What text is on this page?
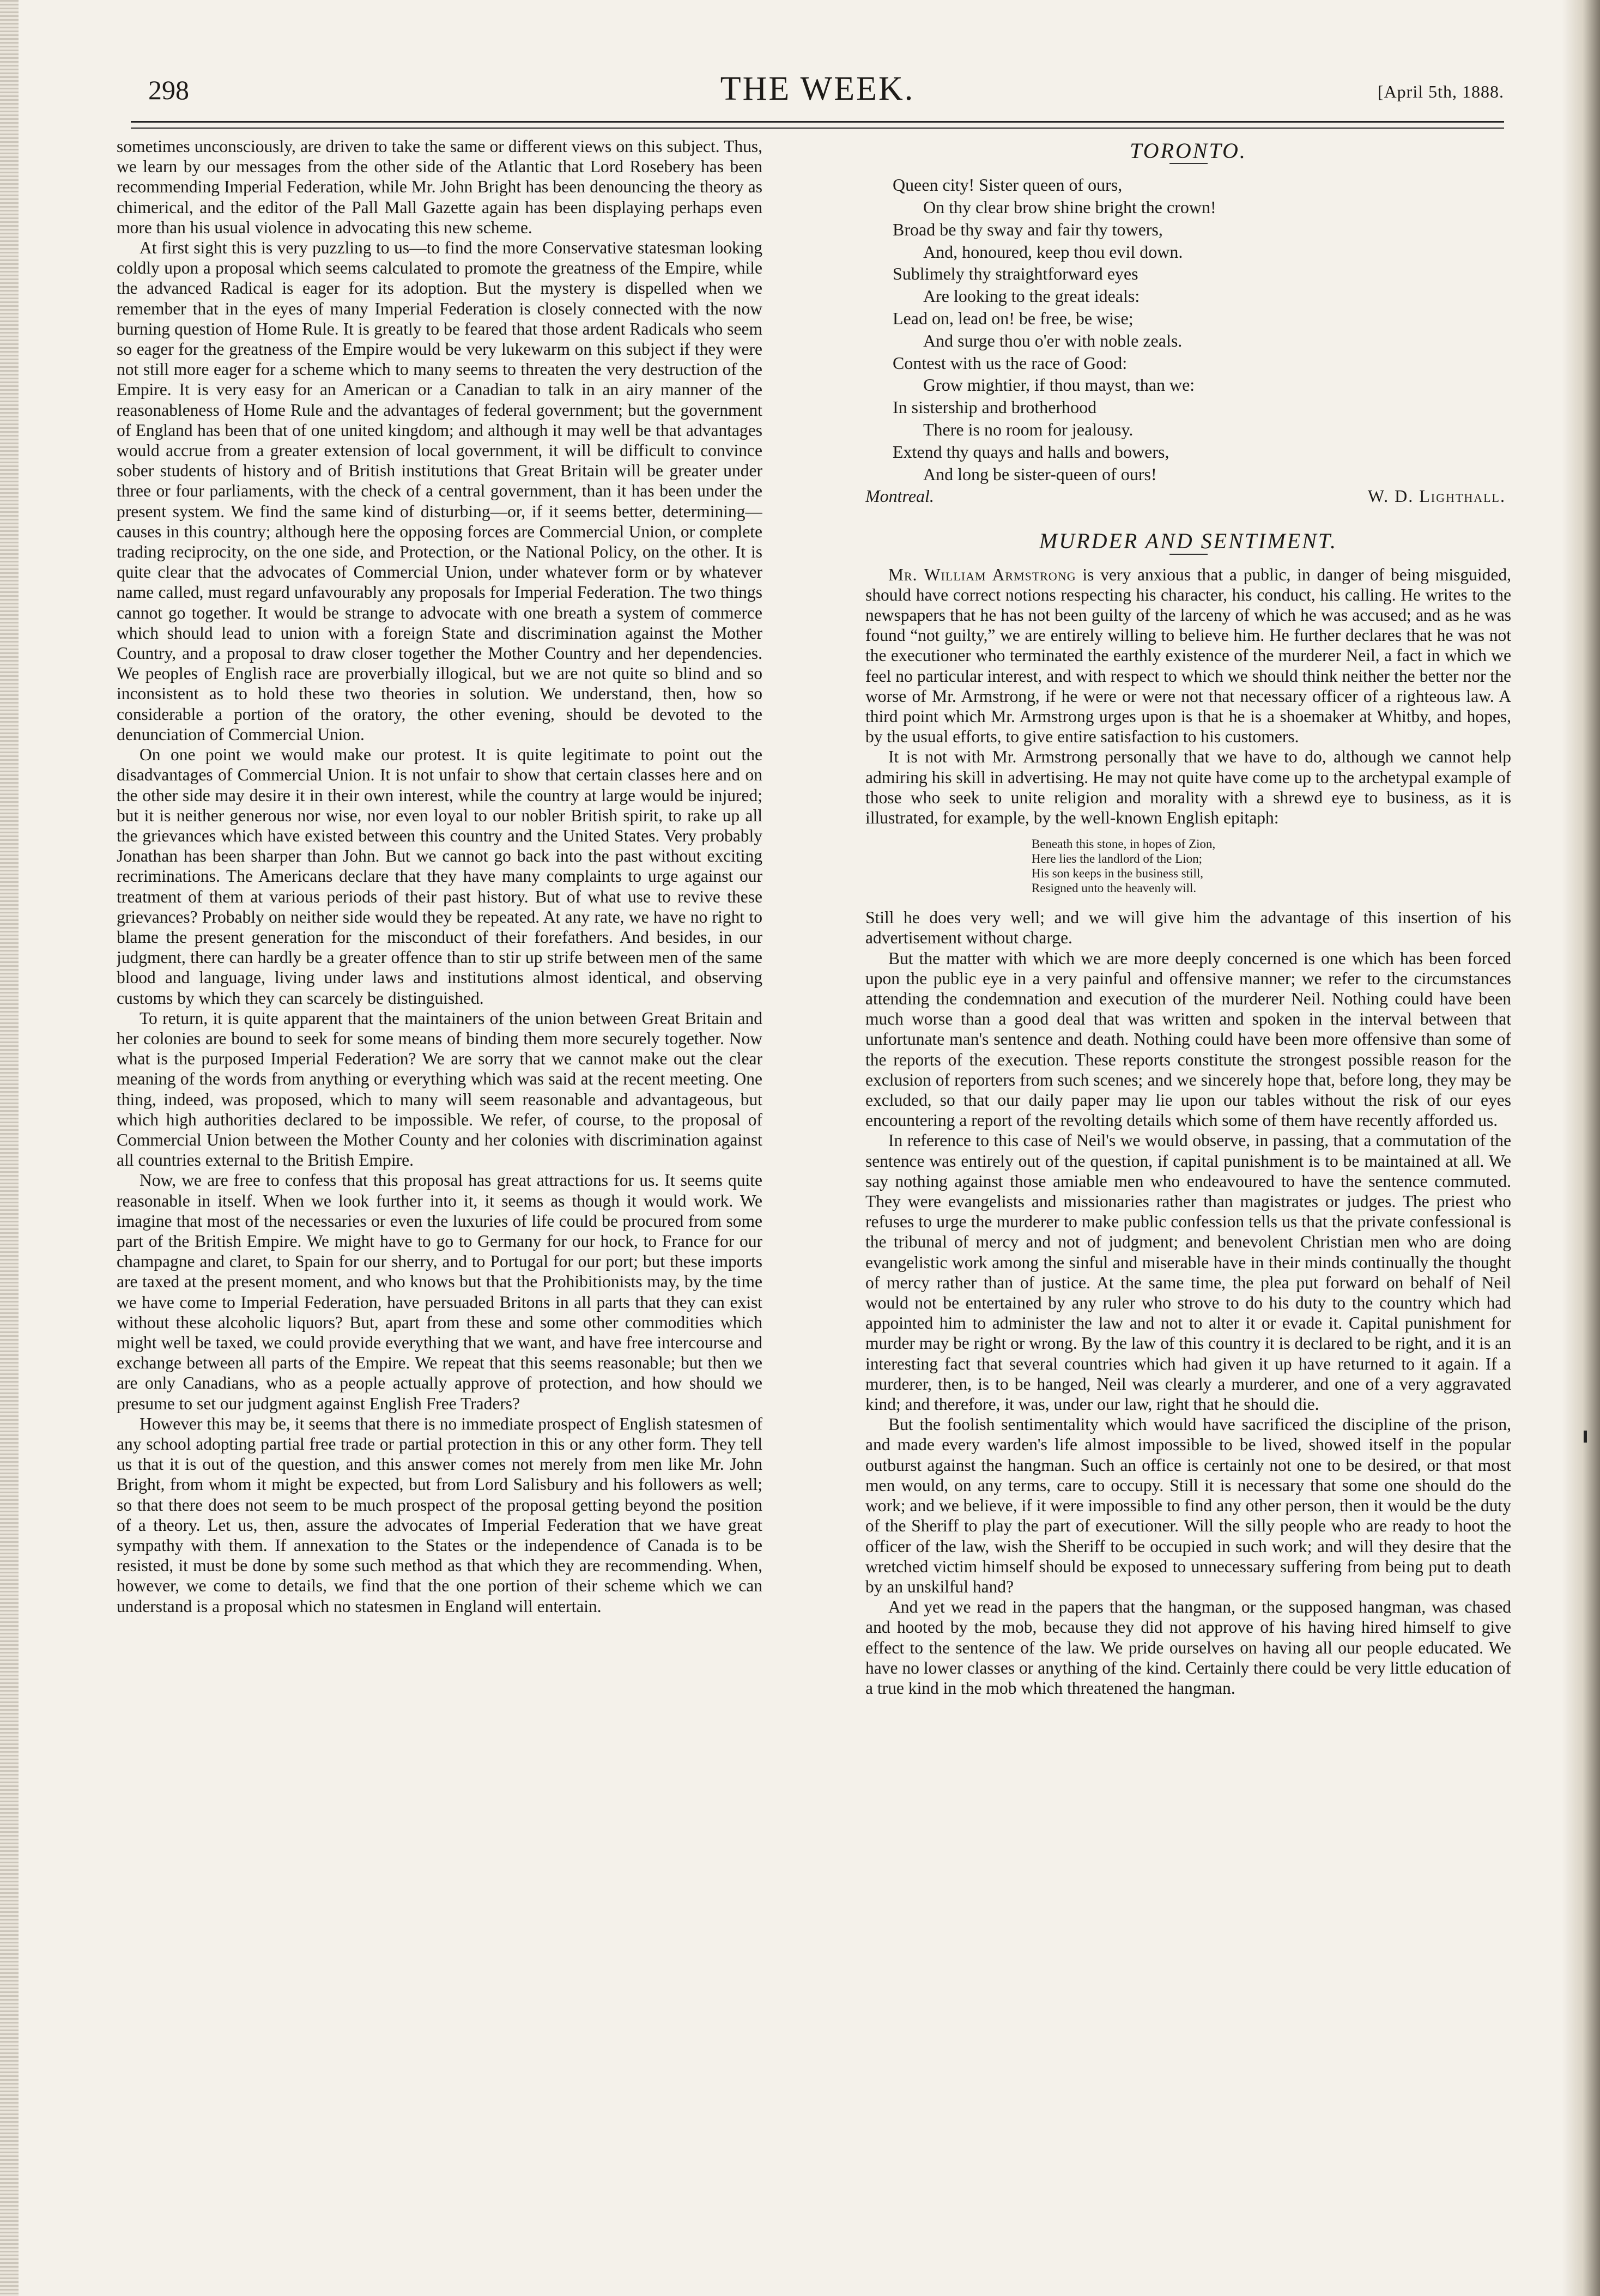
298	THE WEEK.	[April 5th, 1888.

sometimes unconsciously, are driven to take the same or different views on this subject. Thus, we learn by our messages from the other side of the Atlantic that Lord Rosebery has been recommending Imperial Federation, while Mr. John Bright has been denouncing the theory as chimerical, and the editor of the Pall Mall Gazette again has been displaying perhaps even more than his usual violence in advocating this new scheme.

At first sight this is very puzzling to us—to find the more Conservative statesman looking coldly upon a proposal which seems calculated to promote the greatness of the Empire, while the advanced Radical is eager for its adoption. But the mystery is dispelled when we remember that in the eyes of many Imperial Federation is closely connected with the now burning question of Home Rule. It is greatly to be feared that those ardent Radicals who seem so eager for the greatness of the Empire would be very lukewarm on this subject if they were not still more eager for a scheme which to many seems to threaten the very destruction of the Empire. It is very easy for an American or a Canadian to talk in an airy manner of the reasonableness of Home Rule and the advantages of federal government; but the government of England has been that of one united kingdom; and although it may well be that advantages would accrue from a greater extension of local government, it will be difficult to convince sober students of history and of British institutions that Great Britain will be greater under three or four parliaments, with the check of a central government, than it has been under the present system. We find the same kind of disturbing—or, if it seems better, determining—causes in this country; although here the opposing forces are Commercial Union, or complete trading reciprocity, on the one side, and Protection, or the National Policy, on the other. It is quite clear that the advocates of Commercial Union, under whatever form or by whatever name called, must regard unfavourably any proposals for Imperial Federation. The two things cannot go together. It would be strange to advocate with one breath a system of commerce which should lead to union with a foreign State and discrimination against the Mother Country, and a proposal to draw closer together the Mother Country and her dependencies. We peoples of English race are proverbially illogical, but we are not quite so blind and so inconsistent as to hold these two theories in solution. We understand, then, how so considerable a portion of the oratory, the other evening, should be devoted to the denunciation of Commercial Union.

On one point we would make our protest. It is quite legitimate to point out the disadvantages of Commercial Union. It is not unfair to show that certain classes here and on the other side may desire it in their own interest, while the country at large would be injured; but it is neither generous nor wise, nor even loyal to our nobler British spirit, to rake up all the grievances which have existed between this country and the United States. Very probably Jonathan has been sharper than John. But we cannot go back into the past without exciting recriminations. The Americans declare that they have many complaints to urge against our treatment of them at various periods of their past history. But of what use to revive these grievances? Probably on neither side would they be repeated. At any rate, we have no right to blame the present generation for the misconduct of their forefathers. And besides, in our judgment, there can hardly be a greater offence than to stir up strife between men of the same blood and language, living under laws and institutions almost identical, and observing customs by which they can scarcely be distinguished.

To return, it is quite apparent that the maintainers of the union between Great Britain and her colonies are bound to seek for some means of binding them more securely together. Now what is the purposed Imperial Federation? We are sorry that we cannot make out the clear meaning of the words from anything or everything which was said at the recent meeting. One thing, indeed, was proposed, which to many will seem reasonable and advantageous, but which high authorities declared to be impossible. We refer, of course, to the proposal of Commercial Union between the Mother County and her colonies with discrimination against all countries external to the British Empire.

Now, we are free to confess that this proposal has great attractions for us. It seems quite reasonable in itself. When we look further into it, it seems as though it would work. We imagine that most of the necessaries or even the luxuries of life could be procured from some part of the British Empire. We might have to go to Germany for our hock, to France for our champagne and claret, to Spain for our sherry, and to Portugal for our port; but these imports are taxed at the present moment, and who knows but that the Prohibitionists may, by the time we have come to Imperial Federation, have persuaded Britons in all parts that they can exist without these alcoholic liquors? But, apart from these and some other commodities which might well be taxed, we could provide everything that we want, and have free intercourse and exchange between all parts of the Empire. We repeat that this seems reasonable; but then we are only Canadians, who as a people actually approve of protection, and how should we presume to set our judgment against English Free Traders?

However this may be, it seems that there is no immediate prospect of English statesmen of any school adopting partial free trade or partial protection in this or any other form. They tell us that it is out of the question, and this answer comes not merely from men like Mr. John Bright, from whom it might be expected, but from Lord Salisbury and his followers as well; so that there does not seem to be much prospect of the proposal getting beyond the position of a theory. Let us, then, assure the advocates of Imperial Federation that we have great sympathy with them. If annexation to the States or the independence of Canada is to be resisted, it must be done by some such method as that which they are recommending. When, however, we come to details, we find that the one portion of their scheme which we can understand is a proposal which no statesmen in England will entertain.

TORONTO.
Queen city! Sister queen of ours,
On thy clear brow shine bright the crown!
Broad be thy sway and fair thy towers,
And, honoured, keep thou evil down.
Sublimely thy straightforward eyes
Are looking to the great ideals:
Lead on, lead on! be free, be wise;
And surge thou o'er with noble zeals.
Contest with us the race of Good:
Grow mightier, if thou mayst, than we:
In sistership and brotherhood
There is no room for jealousy.
Extend thy quays and halls and bowers,
And long be sister-queen of ours!
Montreal.	W. D. Lighthall.
MURDER AND SENTIMENT.

Mr. William Armstrong is very anxious that a public, in danger of being misguided, should have correct notions respecting his character, his conduct, his calling. He writes to the newspapers that he has not been guilty of the larceny of which he was accused; and as he was found “not guilty,” we are entirely willing to believe him. He further declares that he was not the executioner who terminated the earthly existence of the murderer Neil, a fact in which we feel no particular interest, and with respect to which we should think neither the better nor the worse of Mr. Armstrong, if he were or were not that necessary officer of a righteous law. A third point which Mr. Armstrong urges upon is that he is a shoemaker at Whitby, and hopes, by the usual efforts, to give entire satisfaction to his customers.

It is not with Mr. Armstrong personally that we have to do, although we cannot help admiring his skill in advertising. He may not quite have come up to the archetypal example of those who seek to unite religion and morality with a shrewd eye to business, as it is illustrated, for example, by the well-known English epitaph:

Beneath this stone, in hopes of Zion,
Here lies the landlord of the Lion;
His son keeps in the business still,
Resigned unto the heavenly will.

Still he does very well; and we will give him the advantage of this insertion of his advertisement without charge.

But the matter with which we are more deeply concerned is one which has been forced upon the public eye in a very painful and offensive manner; we refer to the circumstances attending the condemnation and execution of the murderer Neil. Nothing could have been much worse than a good deal that was written and spoken in the interval between that unfortunate man's sentence and death. Nothing could have been more offensive than some of the reports of the execution. These reports constitute the strongest possible reason for the exclusion of reporters from such scenes; and we sincerely hope that, before long, they may be excluded, so that our daily paper may lie upon our tables without the risk of our eyes encountering a report of the revolting details which some of them have recently afforded us.

In reference to this case of Neil's we would observe, in passing, that a commutation of the sentence was entirely out of the question, if capital punishment is to be maintained at all. We say nothing against those amiable men who endeavoured to have the sentence commuted. They were evangelists and missionaries rather than magistrates or judges. The priest who refuses to urge the murderer to make public confession tells us that the private confessional is the tribunal of mercy and not of judgment; and benevolent Christian men who are doing evangelistic work among the sinful and miserable have in their minds continually the thought of mercy rather than of justice. At the same time, the plea put forward on behalf of Neil would not be entertained by any ruler who strove to do his duty to the country which had appointed him to administer the law and not to alter it or evade it. Capital punishment for murder may be right or wrong. By the law of this country it is declared to be right, and it is an interesting fact that several countries which had given it up have returned to it again. If a murderer, then, is to be hanged, Neil was clearly a murderer, and one of a very aggravated kind; and therefore, it was, under our law, right that he should die.

But the foolish sentimentality which would have sacrificed the discipline of the prison, and made every warden's life almost impossible to be lived, showed itself in the popular outburst against the hangman. Such an office is certainly not one to be desired, or that most men would, on any terms, care to occupy. Still it is necessary that some one should do the work; and we believe, if it were impossible to find any other person, then it would be the duty of the Sheriff to play the part of executioner. Will the silly people who are ready to hoot the officer of the law, wish the Sheriff to be occupied in such work; and will they desire that the wretched victim himself should be exposed to unnecessary suffering from being put to death by an unskilful hand?

And yet we read in the papers that the hangman, or the supposed hangman, was chased and hooted by the mob, because they did not approve of his having hired himself to give effect to the sentence of the law. We pride ourselves on having all our people educated. We have no lower classes or anything of the kind. Certainly there could be very little education of a true kind in the mob which threatened the hangman.
